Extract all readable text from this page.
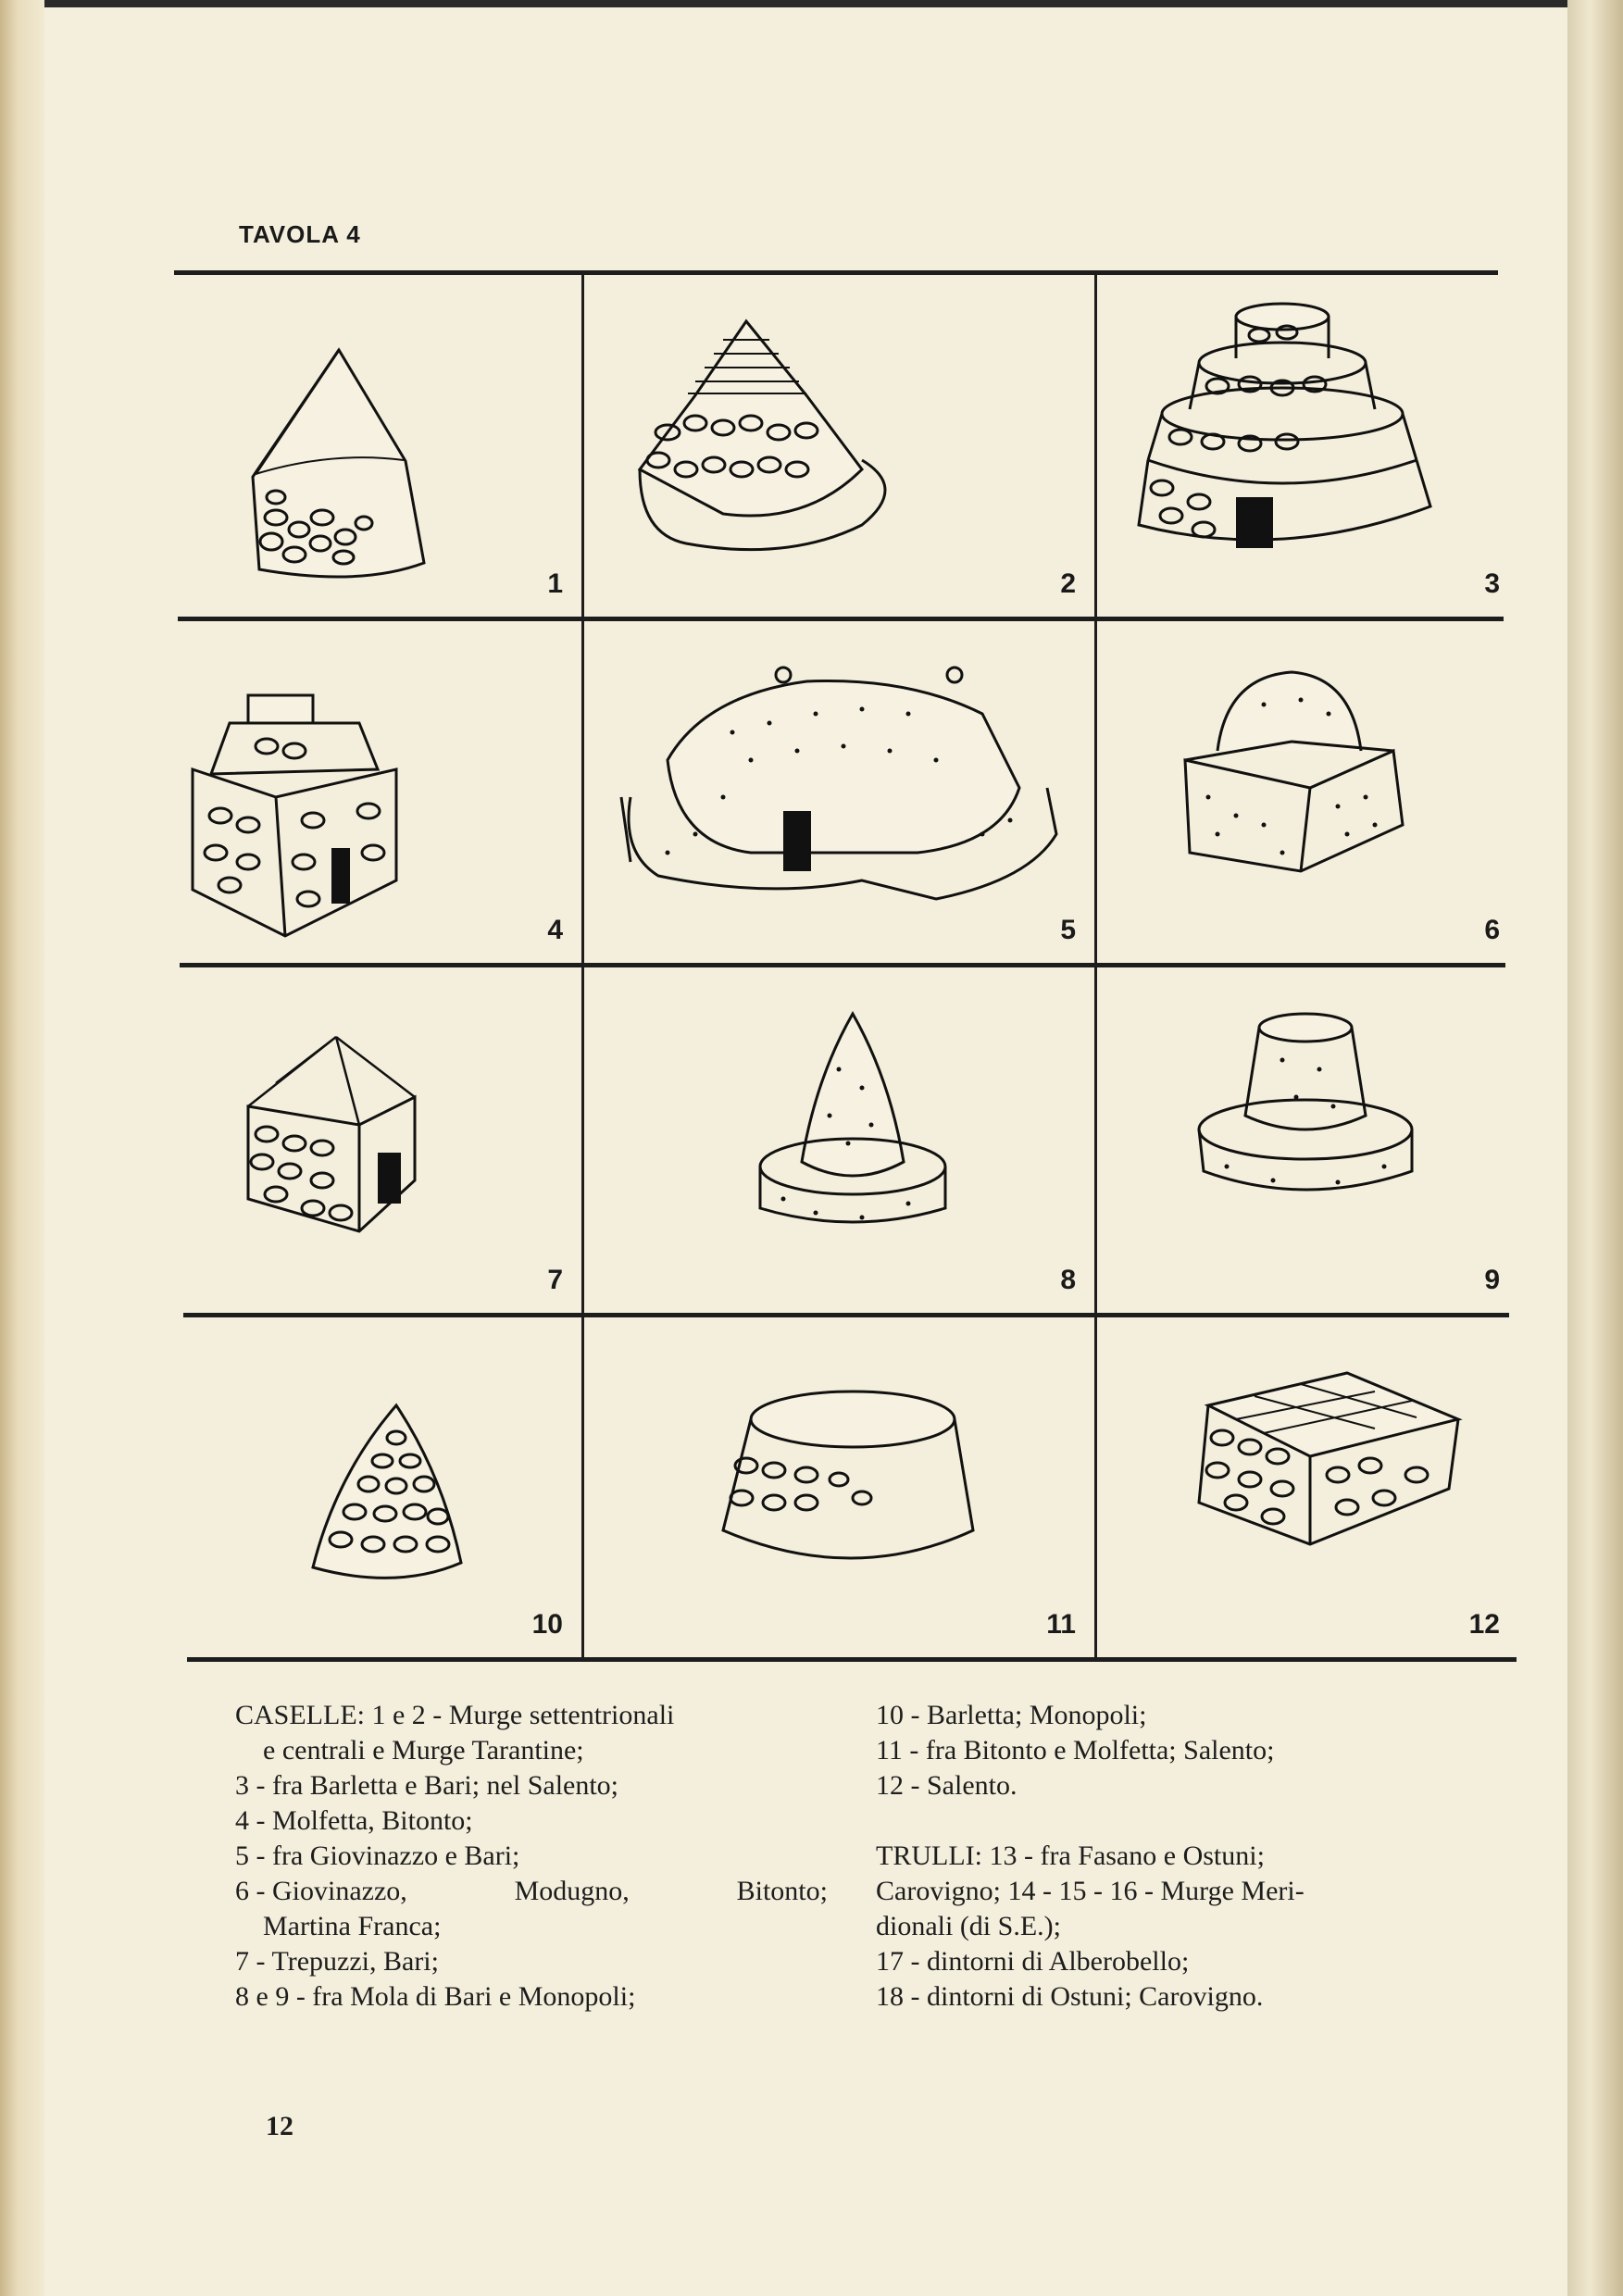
TAVOLA 4
1	2	3
4	5	6
7	8	9
10	11	12
CASELLE: 1 e 2 - Murge settentrionali
e centrali e Murge Tarantine;
3 - fra Barletta e Bari; nel Salento;
4 - Molfetta, Bitonto;
5 - fra Giovinazzo e Bari;
6 - Giovinazzo,	Modugno,	Bitonto;
Martina Franca;
7 - Trepuzzi, Bari;
8 e 9 - fra Mola di Bari e Monopoli;
10 - Barletta; Monopoli;
11 - fra Bitonto e Molfetta; Salento;
12 - Salento.

TRULLI: 13 - fra Fasano e Ostuni;
Carovigno; 14 - 15 - 16 - Murge Meri-
dionali (di S.E.);
17 - dintorni di Alberobello;
18 - dintorni di Ostuni; Carovigno.
12
